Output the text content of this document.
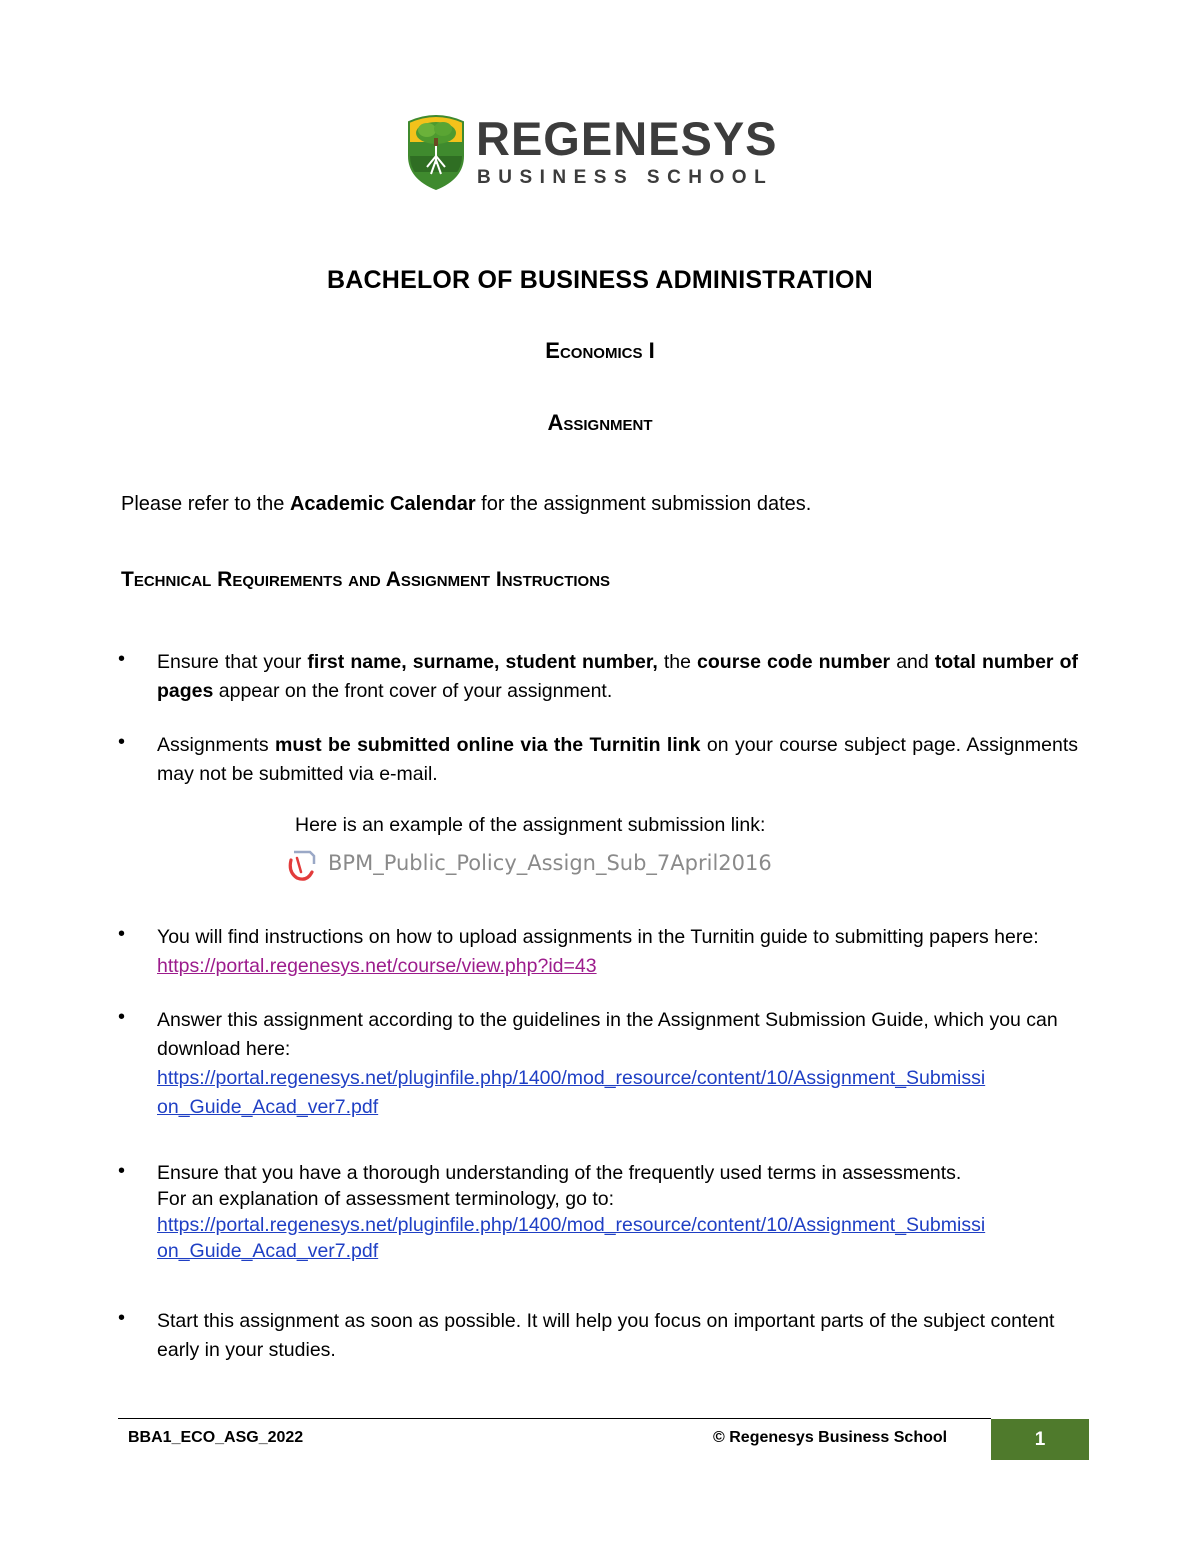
REGENESYS
BUSINESS SCHOOL
BACHELOR OF BUSINESS ADMINISTRATION
Economics I
Assignment
Please refer to the Academic Calendar for the assignment submission dates.
Technical Requirements and Assignment Instructions
• Ensure that your first name, surname, student number, the course code number and total number of pages appear on the front cover of your assignment.
• Assignments must be submitted online via the Turnitin link on your course subject page. Assignments may not be submitted via e-mail.
Here is an example of the assignment submission link:
BPM_Public_Policy_Assign_Sub_7April2016
• You will find instructions on how to upload assignments in the Turnitin guide to submitting papers here: https://portal.regenesys.net/course/view.php?id=43
• Answer this assignment according to the guidelines in the Assignment Submission Guide, which you can download here:
https://portal.regenesys.net/pluginfile.php/1400/mod_resource/content/10/Assignment_Submissi
on_Guide_Acad_ver7.pdf
• Ensure that you have a thorough understanding of the frequently used terms in assessments.
For an explanation of assessment terminology, go to:
https://portal.regenesys.net/pluginfile.php/1400/mod_resource/content/10/Assignment_Submissi
on_Guide_Acad_ver7.pdf
• Start this assignment as soon as possible. It will help you focus on important parts of the subject content early in your studies.
BBA1_ECO_ASG_2022	© Regenesys Business School	1
